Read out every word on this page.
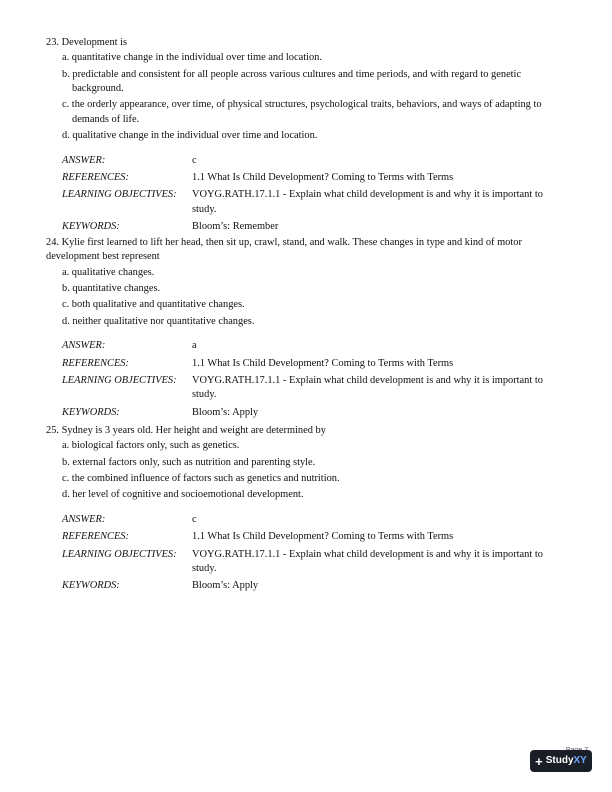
23. Development is

a. quantitative change in the individual over time and location.
b. predictable and consistent for all people across various cultures and time periods, and with regard to genetic background.
c. the orderly appearance, over time, of physical structures, psychological traits, behaviors, and ways of adapting to demands of life.
d. qualitative change in the individual over time and location.
ANSWER:	c
REFERENCES:	1.1 What Is Child Development? Coming to Terms with Terms
LEARNING OBJECTIVES:	VOYG.RATH.17.1.1 - Explain what child development is and why it is important to study.
KEYWORDS:	Bloom’s: Remember

24. Kylie first learned to lift her head, then sit up, crawl, stand, and walk. These changes in type and kind of motor development best represent

a. qualitative changes.
b. quantitative changes.
c. both qualitative and quantitative changes.
d. neither qualitative nor quantitative changes.
ANSWER:	a
REFERENCES:	1.1 What Is Child Development? Coming to Terms with Terms
LEARNING OBJECTIVES:	VOYG.RATH.17.1.1 - Explain what child development is and why it is important to study.
KEYWORDS:	Bloom’s: Apply

25. Sydney is 3 years old. Her height and weight are determined by

a. biological factors only, such as genetics.
b. external factors only, such as nutrition and parenting style.
c. the combined influence of factors such as genetics and nutrition.
d. her level of cognitive and socioemotional development.
ANSWER:	c
REFERENCES:	1.1 What Is Child Development? Coming to Terms with Terms
LEARNING OBJECTIVES:	VOYG.RATH.17.1.1 - Explain what child development is and why it is important to study.
KEYWORDS:	Bloom’s: Apply
+ StudyXY
